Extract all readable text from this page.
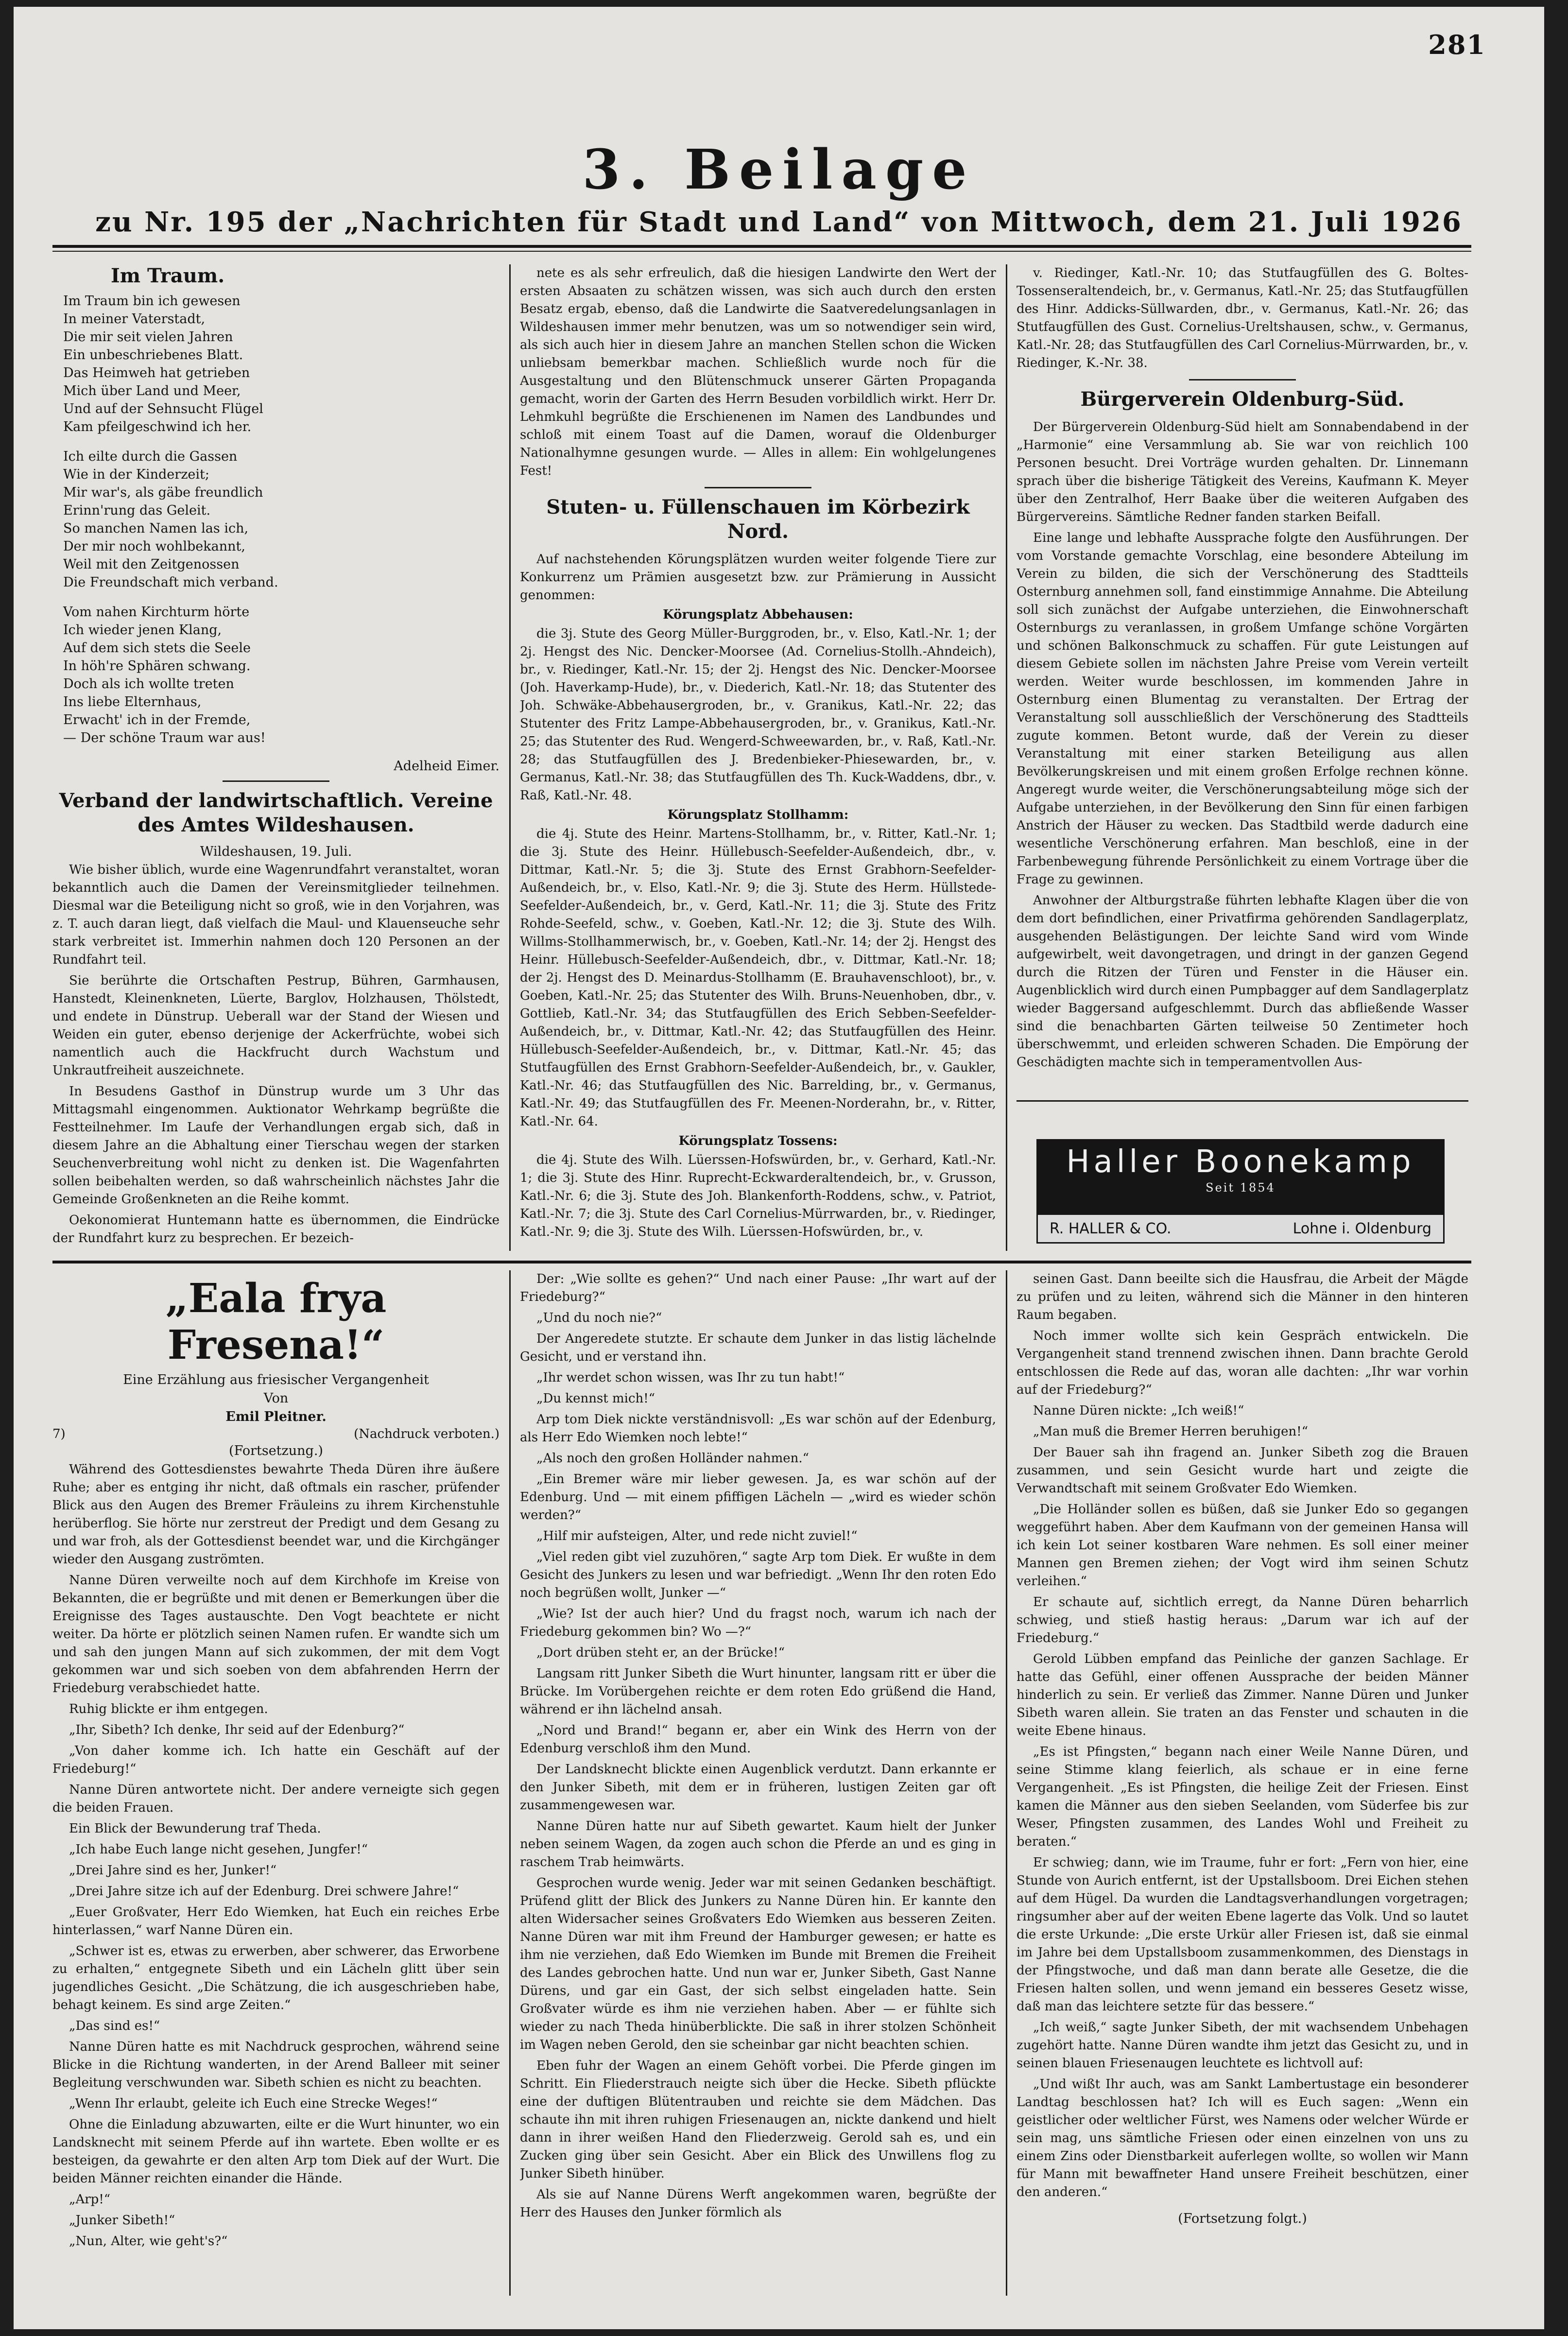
281
3. Beilage
zu Nr. 195 der „Nachrichten für Stadt und Land“ von Mittwoch, dem 21. Juli 1926
Im Traum.
Im Traum bin ich gewesen
In meiner Vaterstadt,
Die mir seit vielen Jahren
Ein unbeschriebenes Blatt.
Das Heimweh hat getrieben
Mich über Land und Meer,
Und auf der Sehnsucht Flügel
Kam pfeilgeschwind ich her.
Ich eilte durch die Gassen
Wie in der Kinderzeit;
Mir war's, als gäbe freundlich
Erinn'rung das Geleit.
So manchen Namen las ich,
Der mir noch wohlbekannt,
Weil mit den Zeitgenossen
Die Freundschaft mich verband.
Vom nahen Kirchturm hörte
Ich wieder jenen Klang,
Auf dem sich stets die Seele
In höh're Sphären schwang.
Doch als ich wollte treten
Ins liebe Elternhaus,
Erwacht' ich in der Fremde,
— Der schöne Traum war aus!
Adelheid Eimer.
Verband der landwirtschaftlich. Vereine des Amtes Wildeshausen.
Wildeshausen, 19. Juli.

Wie bisher üblich, wurde eine Wagenrundfahrt veranstaltet, woran bekanntlich auch die Damen der Vereinsmitglieder teilnehmen. Diesmal war die Beteiligung nicht so groß, wie in den Vorjahren, was z. T. auch daran liegt, daß vielfach die Maul- und Klauenseuche sehr stark verbreitet ist. Immerhin nahmen doch 120 Personen an der Rundfahrt teil.

Sie berührte die Ortschaften Pestrup, Bühren, Garmhausen, Hanstedt, Kleinenkneten, Lüerte, Barglov, Holzhausen, Thölstedt, und endete in Dünstrup. Ueberall war der Stand der Wiesen und Weiden ein guter, ebenso derjenige der Ackerfrüchte, wobei sich namentlich auch die Hackfrucht durch Wachstum und Unkrautfreiheit auszeichnete.

In Besudens Gasthof in Dünstrup wurde um 3 Uhr das Mittagsmahl eingenommen. Auktionator Wehrkamp begrüßte die Festteilnehmer. Im Laufe der Verhandlungen ergab sich, daß in diesem Jahre an die Abhaltung einer Tierschau wegen der starken Seuchenverbreitung wohl nicht zu denken ist. Die Wagenfahrten sollen beibehalten werden, so daß wahrscheinlich nächstes Jahr die Gemeinde Großenkneten an die Reihe kommt.

Oekonomierat Huntemann hatte es übernommen, die Eindrücke der Rundfahrt kurz zu besprechen. Er bezeich-

nete es als sehr erfreulich, daß die hiesigen Landwirte den Wert der ersten Absaaten zu schätzen wissen, was sich auch durch den ersten Besatz ergab, ebenso, daß die Landwirte die Saatveredelungsanlagen in Wildeshausen immer mehr benutzen, was um so notwendiger sein wird, als sich auch hier in diesem Jahre an manchen Stellen schon die Wicken unliebsam bemerkbar machen. Schließlich wurde noch für die Ausgestaltung und den Blütenschmuck unserer Gärten Propaganda gemacht, worin der Garten des Herrn Besuden vorbildlich wirkt. Herr Dr. Lehmkuhl begrüßte die Erschienenen im Namen des Landbundes und schloß mit einem Toast auf die Damen, worauf die Oldenburger Nationalhymne gesungen wurde. — Alles in allem: Ein wohlgelungenes Fest!

Stuten- u. Füllenschauen im Körbezirk Nord.

Auf nachstehenden Körungsplätzen wurden weiter folgende Tiere zur Konkurrenz um Prämien ausgesetzt bzw. zur Prämierung in Aussicht genommen:

Körungsplatz Abbehausen:

die 3j. Stute des Georg Müller-Burggroden, br., v. Elso, Katl.-Nr. 1; der 2j. Hengst des Nic. Dencker-Moorsee (Ad. Cornelius-Stollh.-Ahndeich), br., v. Riedinger, Katl.-Nr. 15; der 2j. Hengst des Nic. Dencker-Moorsee (Joh. Haverkamp-Hude), br., v. Diederich, Katl.-Nr. 18; das Stutenter des Joh. Schwäke-Abbehausergroden, br., v. Granikus, Katl.-Nr. 22; das Stutenter des Fritz Lampe-Abbehausergroden, br., v. Granikus, Katl.-Nr. 25; das Stutenter des Rud. Wengerd-Schweewarden, br., v. Raß, Katl.-Nr. 28; das Stutfaugfüllen des J. Bredenbieker-Phiesewarden, br., v. Germanus, Katl.-Nr. 38; das Stutfaugfüllen des Th. Kuck-Waddens, dbr., v. Raß, Katl.-Nr. 48.

Körungsplatz Stollhamm:

die 4j. Stute des Heinr. Martens-Stollhamm, br., v. Ritter, Katl.-Nr. 1; die 3j. Stute des Heinr. Hüllebusch-Seefelder-Außendeich, dbr., v. Dittmar, Katl.-Nr. 5; die 3j. Stute des Ernst Grabhorn-Seefelder-Außendeich, br., v. Elso, Katl.-Nr. 9; die 3j. Stute des Herm. Hüllstede-Seefelder-Außendeich, br., v. Gerd, Katl.-Nr. 11; die 3j. Stute des Fritz Rohde-Seefeld, schw., v. Goeben, Katl.-Nr. 12; die 3j. Stute des Wilh. Willms-Stollhammerwisch, br., v. Goeben, Katl.-Nr. 14; der 2j. Hengst des Heinr. Hüllebusch-Seefelder-Außendeich, dbr., v. Dittmar, Katl.-Nr. 18; der 2j. Hengst des D. Meinardus-Stollhamm (E. Brauhavenschloot), br., v. Goeben, Katl.-Nr. 25; das Stutenter des Wilh. Bruns-Neuenhoben, dbr., v. Gottlieb, Katl.-Nr. 34; das Stutfaugfüllen des Erich Sebben-Seefelder-Außendeich, br., v. Dittmar, Katl.-Nr. 42; das Stutfaugfüllen des Heinr. Hüllebusch-Seefelder-Außendeich, br., v. Dittmar, Katl.-Nr. 45; das Stutfaugfüllen des Ernst Grabhorn-Seefelder-Außendeich, br., v. Gaukler, Katl.-Nr. 46; das Stutfaugfüllen des Nic. Barrelding, br., v. Germanus, Katl.-Nr. 49; das Stutfaugfüllen des Fr. Meenen-Norderahn, br., v. Ritter, Katl.-Nr. 64.

Körungsplatz Tossens:

die 4j. Stute des Wilh. Lüerssen-Hofswürden, br., v. Gerhard, Katl.-Nr. 1; die 3j. Stute des Hinr. Ruprecht-Eckwarderaltendeich, br., v. Grusson, Katl.-Nr. 6; die 3j. Stute des Joh. Blankenforth-Roddens, schw., v. Patriot, Katl.-Nr. 7; die 3j. Stute des Carl Cornelius-Mürrwarden, br., v. Riedinger, Katl.-Nr. 9; die 3j. Stute des Wilh. Lüerssen-Hofswürden, br., v.

v. Riedinger, Katl.-Nr. 10; das Stutfaugfüllen des G. Boltes-Tossenseraltendeich, br., v. Germanus, Katl.-Nr. 25; das Stutfaugfüllen des Hinr. Addicks-Süllwarden, dbr., v. Germanus, Katl.-Nr. 26; das Stutfaugfüllen des Gust. Cornelius-Ureltshausen, schw., v. Germanus, Katl.-Nr. 28; das Stutfaugfüllen des Carl Cornelius-Mürrwarden, br., v. Riedinger, K.-Nr. 38.

Bürgerverein Oldenburg-Süd.

Der Bürgerverein Oldenburg-Süd hielt am Sonnabendabend in der „Harmonie“ eine Versammlung ab. Sie war von reichlich 100 Personen besucht. Drei Vorträge wurden gehalten. Dr. Linnemann sprach über die bisherige Tätigkeit des Vereins, Kaufmann K. Meyer über den Zentralhof, Herr Baake über die weiteren Aufgaben des Bürgervereins. Sämtliche Redner fanden starken Beifall.

Eine lange und lebhafte Aussprache folgte den Ausführungen. Der vom Vorstande gemachte Vorschlag, eine besondere Abteilung im Verein zu bilden, die sich der Verschönerung des Stadtteils Osternburg annehmen soll, fand einstimmige Annahme. Die Abteilung soll sich zunächst der Aufgabe unterziehen, die Einwohnerschaft Osternburgs zu veranlassen, in großem Umfange schöne Vorgärten und schönen Balkonschmuck zu schaffen. Für gute Leistungen auf diesem Gebiete sollen im nächsten Jahre Preise vom Verein verteilt werden. Weiter wurde beschlossen, im kommenden Jahre in Osternburg einen Blumentag zu veranstalten. Der Ertrag der Veranstaltung soll ausschließlich der Verschönerung des Stadtteils zugute kommen. Betont wurde, daß der Verein zu dieser Veranstaltung mit einer starken Beteiligung aus allen Bevölkerungskreisen und mit einem großen Erfolge rechnen könne. Angeregt wurde weiter, die Verschönerungsabteilung möge sich der Aufgabe unterziehen, in der Bevölkerung den Sinn für einen farbigen Anstrich der Häuser zu wecken. Das Stadtbild werde dadurch eine wesentliche Verschönerung erfahren. Man beschloß, eine in der Farbenbewegung führende Persönlichkeit zu einem Vortrage über die Frage zu gewinnen.

Anwohner der Altburgstraße führten lebhafte Klagen über die von dem dort befindlichen, einer Privatfirma gehörenden Sandlagerplatz, ausgehenden Belästigungen. Der leichte Sand wird vom Winde aufgewirbelt, weit davongetragen, und dringt in der ganzen Gegend durch die Ritzen der Türen und Fenster in die Häuser ein. Augenblicklich wird durch einen Pumpbagger auf dem Sandlagerplatz wieder Baggersand aufgeschlemmt. Durch das abfließende Wasser sind die benachbarten Gärten teilweise 50 Zentimeter hoch überschwemmt, und erleiden schweren Schaden. Die Empörung der Geschädigten machte sich in temperamentvollen Aus-

Haller Boonekamp
Seit 1854
R. HALLER & CO.	Lohne i. Oldenburg
„Eala frya Fresena!“
Eine Erzählung aus friesischer Vergangenheit
Von
Emil Pleitner.
7)	(Nachdruck verboten.)
(Fortsetzung.)

Während des Gottesdienstes bewahrte Theda Düren ihre äußere Ruhe; aber es entging ihr nicht, daß oftmals ein rascher, prüfender Blick aus den Augen des Bremer Fräuleins zu ihrem Kirchenstuhle herüberflog. Sie hörte nur zerstreut der Predigt und dem Gesang zu und war froh, als der Gottesdienst beendet war, und die Kirchgänger wieder den Ausgang zuströmten.

Nanne Düren verweilte noch auf dem Kirchhofe im Kreise von Bekannten, die er begrüßte und mit denen er Bemerkungen über die Ereignisse des Tages austauschte. Den Vogt beachtete er nicht weiter. Da hörte er plötzlich seinen Namen rufen. Er wandte sich um und sah den jungen Mann auf sich zukommen, der mit dem Vogt gekommen war und sich soeben von dem abfahrenden Herrn der Friedeburg verabschiedet hatte.

Ruhig blickte er ihm entgegen.

„Ihr, Sibeth? Ich denke, Ihr seid auf der Edenburg?“

„Von daher komme ich. Ich hatte ein Geschäft auf der Friedeburg!“

Nanne Düren antwortete nicht. Der andere verneigte sich gegen die beiden Frauen.

Ein Blick der Bewunderung traf Theda.

„Ich habe Euch lange nicht gesehen, Jungfer!“

„Drei Jahre sind es her, Junker!“

„Drei Jahre sitze ich auf der Edenburg. Drei schwere Jahre!“

„Euer Großvater, Herr Edo Wiemken, hat Euch ein reiches Erbe hinterlassen,“ warf Nanne Düren ein.

„Schwer ist es, etwas zu erwerben, aber schwerer, das Erworbene zu erhalten,“ entgegnete Sibeth und ein Lächeln glitt über sein jugendliches Gesicht. „Die Schätzung, die ich ausgeschrieben habe, behagt keinem. Es sind arge Zeiten.“

„Das sind es!“

Nanne Düren hatte es mit Nachdruck gesprochen, während seine Blicke in die Richtung wanderten, in der Arend Balleer mit seiner Begleitung verschwunden war. Sibeth schien es nicht zu beachten.

„Wenn Ihr erlaubt, geleite ich Euch eine Strecke Weges!“

Ohne die Einladung abzuwarten, eilte er die Wurt hinunter, wo ein Landsknecht mit seinem Pferde auf ihn wartete. Eben wollte er es besteigen, da gewahrte er den alten Arp tom Diek auf der Wurt. Die beiden Männer reichten einander die Hände.

„Arp!“

„Junker Sibeth!“

„Nun, Alter, wie geht's?“

Der: „Wie sollte es gehen?“ Und nach einer Pause: „Ihr wart auf der Friedeburg?“

„Und du noch nie?“

Der Angeredete stutzte. Er schaute dem Junker in das listig lächelnde Gesicht, und er verstand ihn.

„Ihr werdet schon wissen, was Ihr zu tun habt!“

„Du kennst mich!“

Arp tom Diek nickte verständnisvoll: „Es war schön auf der Edenburg, als Herr Edo Wiemken noch lebte!“

„Als noch den großen Holländer nahmen.“

„Ein Bremer wäre mir lieber gewesen. Ja, es war schön auf der Edenburg. Und — mit einem pfiffigen Lächeln — „wird es wieder schön werden?“

„Hilf mir aufsteigen, Alter, und rede nicht zuviel!“

„Viel reden gibt viel zuzuhören,“ sagte Arp tom Diek. Er wußte in dem Gesicht des Junkers zu lesen und war befriedigt. „Wenn Ihr den roten Edo noch begrüßen wollt, Junker —“

„Wie? Ist der auch hier? Und du fragst noch, warum ich nach der Friedeburg gekommen bin? Wo —?“

„Dort drüben steht er, an der Brücke!“

Langsam ritt Junker Sibeth die Wurt hinunter, langsam ritt er über die Brücke. Im Vorübergehen reichte er dem roten Edo grüßend die Hand, während er ihn lächelnd ansah.

„Nord und Brand!“ begann er, aber ein Wink des Herrn von der Edenburg verschloß ihm den Mund.

Der Landsknecht blickte einen Augenblick verdutzt. Dann erkannte er den Junker Sibeth, mit dem er in früheren, lustigen Zeiten gar oft zusammengewesen war.

Nanne Düren hatte nur auf Sibeth gewartet. Kaum hielt der Junker neben seinem Wagen, da zogen auch schon die Pferde an und es ging in raschem Trab heimwärts.

Gesprochen wurde wenig. Jeder war mit seinen Gedanken beschäftigt. Prüfend glitt der Blick des Junkers zu Nanne Düren hin. Er kannte den alten Widersacher seines Großvaters Edo Wiemken aus besseren Zeiten. Nanne Düren war mit ihm Freund der Hamburger gewesen; er hatte es ihm nie verziehen, daß Edo Wiemken im Bunde mit Bremen die Freiheit des Landes gebrochen hatte. Und nun war er, Junker Sibeth, Gast Nanne Dürens, und gar ein Gast, der sich selbst eingeladen hatte. Sein Großvater würde es ihm nie verziehen haben. Aber — er fühlte sich wieder zu nach Theda hinüberblickte. Die saß in ihrer stolzen Schönheit im Wagen neben Gerold, den sie scheinbar gar nicht beachten schien.

Eben fuhr der Wagen an einem Gehöft vorbei. Die Pferde gingen im Schritt. Ein Fliederstrauch neigte sich über die Hecke. Sibeth pflückte eine der duftigen Blütentrauben und reichte sie dem Mädchen. Das schaute ihn mit ihren ruhigen Friesenaugen an, nickte dankend und hielt dann in ihrer weißen Hand den Fliederzweig. Gerold sah es, und ein Zucken ging über sein Gesicht. Aber ein Blick des Unwillens flog zu Junker Sibeth hinüber.

Als sie auf Nanne Dürens Werft angekommen waren, begrüßte der Herr des Hauses den Junker förmlich als

seinen Gast. Dann beeilte sich die Hausfrau, die Arbeit der Mägde zu prüfen und zu leiten, während sich die Männer in den hinteren Raum begaben.

Noch immer wollte sich kein Gespräch entwickeln. Die Vergangenheit stand trennend zwischen ihnen. Dann brachte Gerold entschlossen die Rede auf das, woran alle dachten: „Ihr war vorhin auf der Friedeburg?“

Nanne Düren nickte: „Ich weiß!“

„Man muß die Bremer Herren beruhigen!“

Der Bauer sah ihn fragend an. Junker Sibeth zog die Brauen zusammen, und sein Gesicht wurde hart und zeigte die Verwandtschaft mit seinem Großvater Edo Wiemken.

„Die Holländer sollen es büßen, daß sie Junker Edo so gegangen weggeführt haben. Aber dem Kaufmann von der gemeinen Hansa will ich kein Lot seiner kostbaren Ware nehmen. Es soll einer meiner Mannen gen Bremen ziehen; der Vogt wird ihm seinen Schutz verleihen.“

Er schaute auf, sichtlich erregt, da Nanne Düren beharrlich schwieg, und stieß hastig heraus: „Darum war ich auf der Friedeburg.“

Gerold Lübben empfand das Peinliche der ganzen Sachlage. Er hatte das Gefühl, einer offenen Aussprache der beiden Männer hinderlich zu sein. Er verließ das Zimmer. Nanne Düren und Junker Sibeth waren allein. Sie traten an das Fenster und schauten in die weite Ebene hinaus.

„Es ist Pfingsten,“ begann nach einer Weile Nanne Düren, und seine Stimme klang feierlich, als schaue er in eine ferne Vergangenheit. „Es ist Pfingsten, die heilige Zeit der Friesen. Einst kamen die Männer aus den sieben Seelanden, vom Süderfee bis zur Weser, Pfingsten zusammen, des Landes Wohl und Freiheit zu beraten.“

Er schwieg; dann, wie im Traume, fuhr er fort: „Fern von hier, eine Stunde von Aurich entfernt, ist der Upstallsboom. Drei Eichen stehen auf dem Hügel. Da wurden die Landtagsverhandlungen vorgetragen; ringsumher aber auf der weiten Ebene lagerte das Volk. Und so lautet die erste Urkunde: „Die erste Urkür aller Friesen ist, daß sie einmal im Jahre bei dem Upstallsboom zusammenkommen, des Dienstags in der Pfingstwoche, und daß man dann berate alle Gesetze, die die Friesen halten sollen, und wenn jemand ein besseres Gesetz wisse, daß man das leichtere setzte für das bessere.“

„Ich weiß,“ sagte Junker Sibeth, der mit wachsendem Unbehagen zugehört hatte. Nanne Düren wandte ihm jetzt das Gesicht zu, und in seinen blauen Friesenaugen leuchtete es lichtvoll auf:

„Und wißt Ihr auch, was am Sankt Lambertustage ein besonderer Landtag beschlossen hat? Ich will es Euch sagen: „Wenn ein geistlicher oder weltlicher Fürst, wes Namens oder welcher Würde er sein mag, uns sämtliche Friesen oder einen einzelnen von uns zu einem Zins oder Dienstbarkeit auferlegen wollte, so wollen wir Mann für Mann mit bewaffneter Hand unsere Freiheit beschützen, einer den anderen.“

(Fortsetzung folgt.)
